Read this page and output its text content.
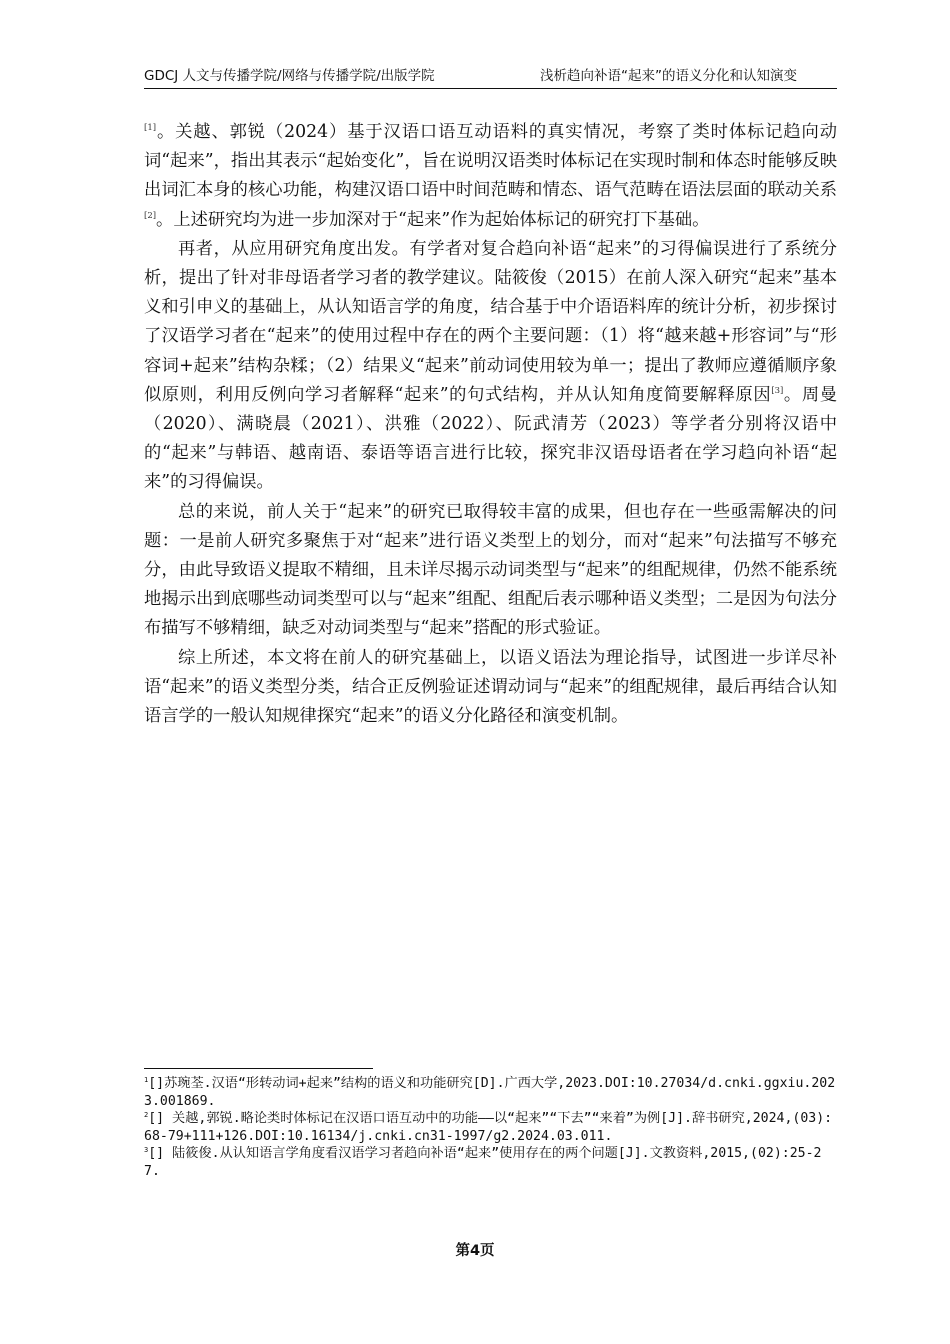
GDCJ 人文与传播学院/网络与传播学院/出版学院	浅析趋向补语“起来”的语义分化和认知演变

[1]。关越、郭锐（2024）基于汉语口语互动语料的真实情况，考察了类时体标记趋向动词“起来”，指出其表示“起始变化”，旨在说明汉语类时体标记在实现时制和体态时能够反映出词汇本身的核心功能，构建汉语口语中时间范畴和情态、语气范畴在语法层面的联动关系[2]。上述研究均为进一步加深对于“起来”作为起始体标记的研究打下基础。

再者，从应用研究角度出发。有学者对复合趋向补语“起来”的习得偏误进行了系统分析，提出了针对非母语者学习者的教学建议。陆筱俊（2015）在前人深入研究“起来”基本义和引申义的基础上，从认知语言学的角度，结合基于中介语语料库的统计分析，初步探讨了汉语学习者在“起来”的使用过程中存在的两个主要问题：（1）将“越来越+形容词”与“形容词+起来”结构杂糅；（2）结果义“起来”前动词使用较为单一；提出了教师应遵循顺序象似原则，利用反例向学习者解释“起来”的句式结构，并从认知角度简要解释原因[3]。周曼（2020）、满晓晨（2021）、洪雅（2022）、阮武清芳（2023）等学者分别将汉语中的“起来”与韩语、越南语、泰语等语言进行比较，探究非汉语母语者在学习趋向补语“起来”的习得偏误。

总的来说，前人关于“起来”的研究已取得较丰富的成果，但也存在一些亟需解决的问题：一是前人研究多聚焦于对“起来”进行语义类型上的划分，而对“起来”句法描写不够充分，由此导致语义提取不精细，且未详尽揭示动词类型与“起来”的组配规律，仍然不能系统地揭示出到底哪些动词类型可以与“起来”组配、组配后表示哪种语义类型；二是因为句法分布描写不够精细，缺乏对动词类型与“起来”搭配的形式验证。

综上所述，本文将在前人的研究基础上，以语义语法为理论指导，试图进一步详尽补语“起来”的语义类型分类，结合正反例验证述谓动词与“起来”的组配规律，最后再结合认知语言学的一般认知规律探究“起来”的语义分化路径和演变机制。

$^1$[]苏琬荃.汉语“形转动词+起来”结构的语义和功能研究[D].广西大学,2023.DOI:10.27034/d.cnki.ggxiu.2023.001869.

$^2$[] 关越,郭锐.略论类时体标记在汉语口语互动中的功能——以“起来”“下去”“来着”为例[J].辞书研究,2024,(03):68-79+111+126.DOI:10.16134/j.cnki.cn31-1997/g2.2024.03.011.

$^3$[] 陆筱俊.从认知语言学角度看汉语学习者趋向补语“起来”使用存在的两个问题[J].文教资料,2015,(02):25-27.

第4页
